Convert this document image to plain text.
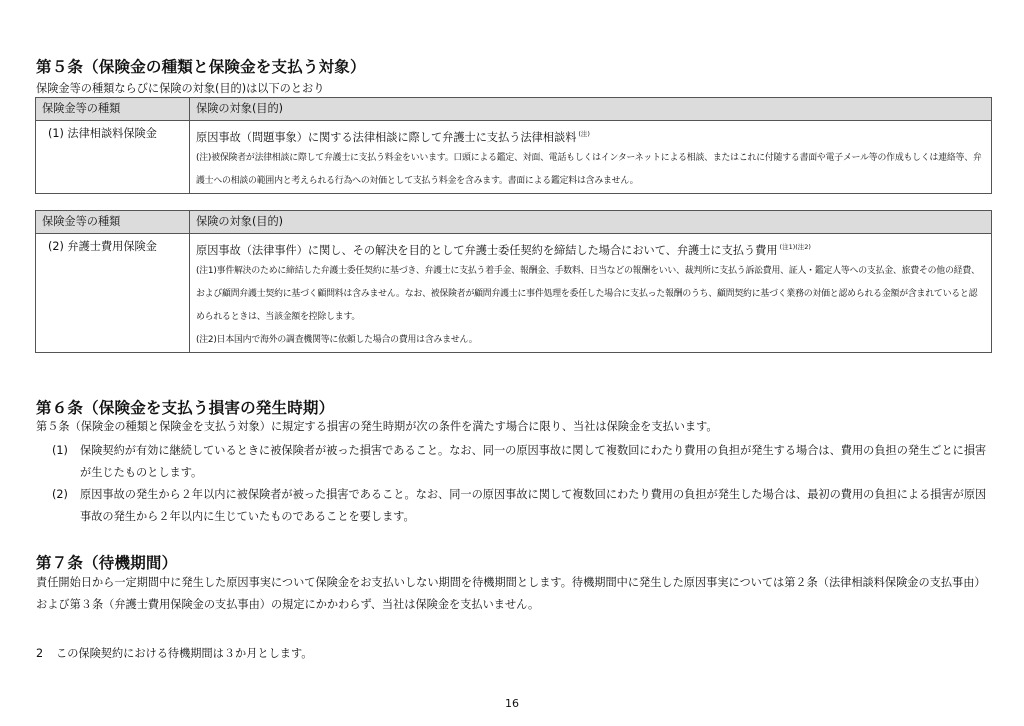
第５条（保険金の種類と保険金を支払う対象）

保険金等の種類ならびに保険の対象(目的)は以下のとおり

保険金等の種類	保険の対象(目的)
(1) 法律相談料保険金	原因事故（問題事象）に関する法律相談に際して弁護士に支払う法律相談料 $^{(注)}$
(注)被保険者が法律相談に際して弁護士に支払う料金をいいます。口頭による鑑定、対面、電話もしくはインターネットによる相談、またはこれに付随する書面や電子メール等の作成もしくは連絡等、弁護士への相談の範囲内と考えられる行為への対価として支払う料金を含みます。書面による鑑定料は含みません。
保険金等の種類	保険の対象(目的)
(2) 弁護士費用保険金	原因事故（法律事件）に関し、その解決を目的として弁護士委任契約を締結した場合において、弁護士に支払う費用 $^{(注1)(注2)}$
(注1)事件解決のために締結した弁護士委任契約に基づき、弁護士に支払う着手金、報酬金、手数料、日当などの報酬をいい、裁判所に支払う訴訟費用、証人・鑑定人等への支払金、旅費その他の経費、および顧問弁護士契約に基づく顧問料は含みません。なお、被保険者が顧問弁護士に事件処理を委任した場合に支払った報酬のうち、顧問契約に基づく業務の対価と認められる金額が含まれていると認められるときは、当該金額を控除します。
(注2)日本国内で海外の調査機関等に依頼した場合の費用は含みません。
第６条（保険金を支払う損害の発生時期）

第５条（保険金の種類と保険金を支払う対象）に規定する損害の発生時期が次の条件を満たす場合に限り、当社は保険金を支払います。

(1)	保険契約が有効に継続しているときに被保険者が被った損害であること。なお、同一の原因事故に関して複数回にわたり費用の負担が発生する場合は、費用の負担の発生ごとに損害が生じたものとします。
(2)	原因事故の発生から２年以内に被保険者が被った損害であること。なお、同一の原因事故に関して複数回にわたり費用の負担が発生した場合は、最初の費用の負担による損害が原因事故の発生から２年以内に生じていたものであることを要します。
第７条（待機期間）

責任開始日から一定期間中に発生した原因事実について保険金をお支払いしない期間を待機期間とします。待機期間中に発生した原因事実については第２条（法律相談料保険金の支払事由）および第３条（弁護士費用保険金の支払事由）の規定にかかわらず、当社は保険金を支払いません。

2 この保険契約における待機期間は３か月とします。
16
